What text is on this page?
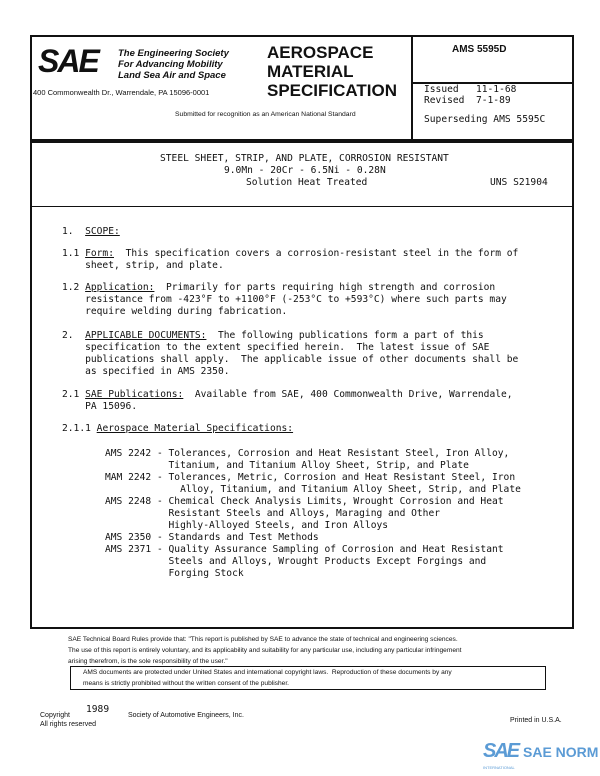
SAE The Engineering Society
For Advancing Mobility
Land Sea Air and Space
400 Commonwealth Dr., Warrendale, PA 15096-0001
AEROSPACE
MATERIAL
SPECIFICATION
Submitted for recognition as an American National Standard
AMS 5595D
Issued   11-1-68
Revised  7-1-89
Superseding AMS 5595C
STEEL SHEET, STRIP, AND PLATE, CORROSION RESISTANT
9.0Mn - 20Cr - 6.5Ni - 0.28N
Solution Heat Treated	UNS S21904
1. SCOPE:
1.1 Form: This specification covers a corrosion-resistant steel in the form of
sheet, strip, and plate.
1.2 Application: Primarily for parts requiring high strength and corrosion
resistance from -423°F to +1100°F (-253°C to +593°C) where such parts may
require welding during fabrication.
2. APPLICABLE DOCUMENTS: The following publications form a part of this
specification to the extent specified herein.  The latest issue of SAE
publications shall apply.  The applicable issue of other documents shall be
as specified in AMS 2350.
2.1 SAE Publications: Available from SAE, 400 Commonwealth Drive, Warrendale,
PA 15096.
2.1.1 Aerospace Material Specifications:
AMS 2242 - Tolerances, Corrosion and Heat Resistant Steel, Iron Alloy,
Titanium, and Titanium Alloy Sheet, Strip, and Plate
MAM 2242 - Tolerances, Metric, Corrosion and Heat Resistant Steel, Iron
Alloy, Titanium, and Titanium Alloy Sheet, Strip, and Plate
AMS 2248 - Chemical Check Analysis Limits, Wrought Corrosion and Heat
Resistant Steels and Alloys, Maraging and Other
Highly-Alloyed Steels, and Iron Alloys
AMS 2350 - Standards and Test Methods
AMS 2371 - Quality Assurance Sampling of Corrosion and Heat Resistant
Steels and Alloys, Wrought Products Except Forgings and
Forging Stock
SAE Technical Board Rules provide that: "This report is published by SAE to advance the state of technical and engineering sciences.
The use of this report is entirely voluntary, and its applicability and suitability for any particular use, including any particular infringement
arising therefrom, is the sole responsibility of the user."
AMS documents are protected under United States and international copyright laws.  Reproduction of these documents by any
means is strictly prohibited without the written consent of the publisher.
Copyright
1989
All rights reserved
Society of Automotive Engineers, Inc.
Printed in U.S.A.
SAE SAE NORM
INTERNATIONAL
